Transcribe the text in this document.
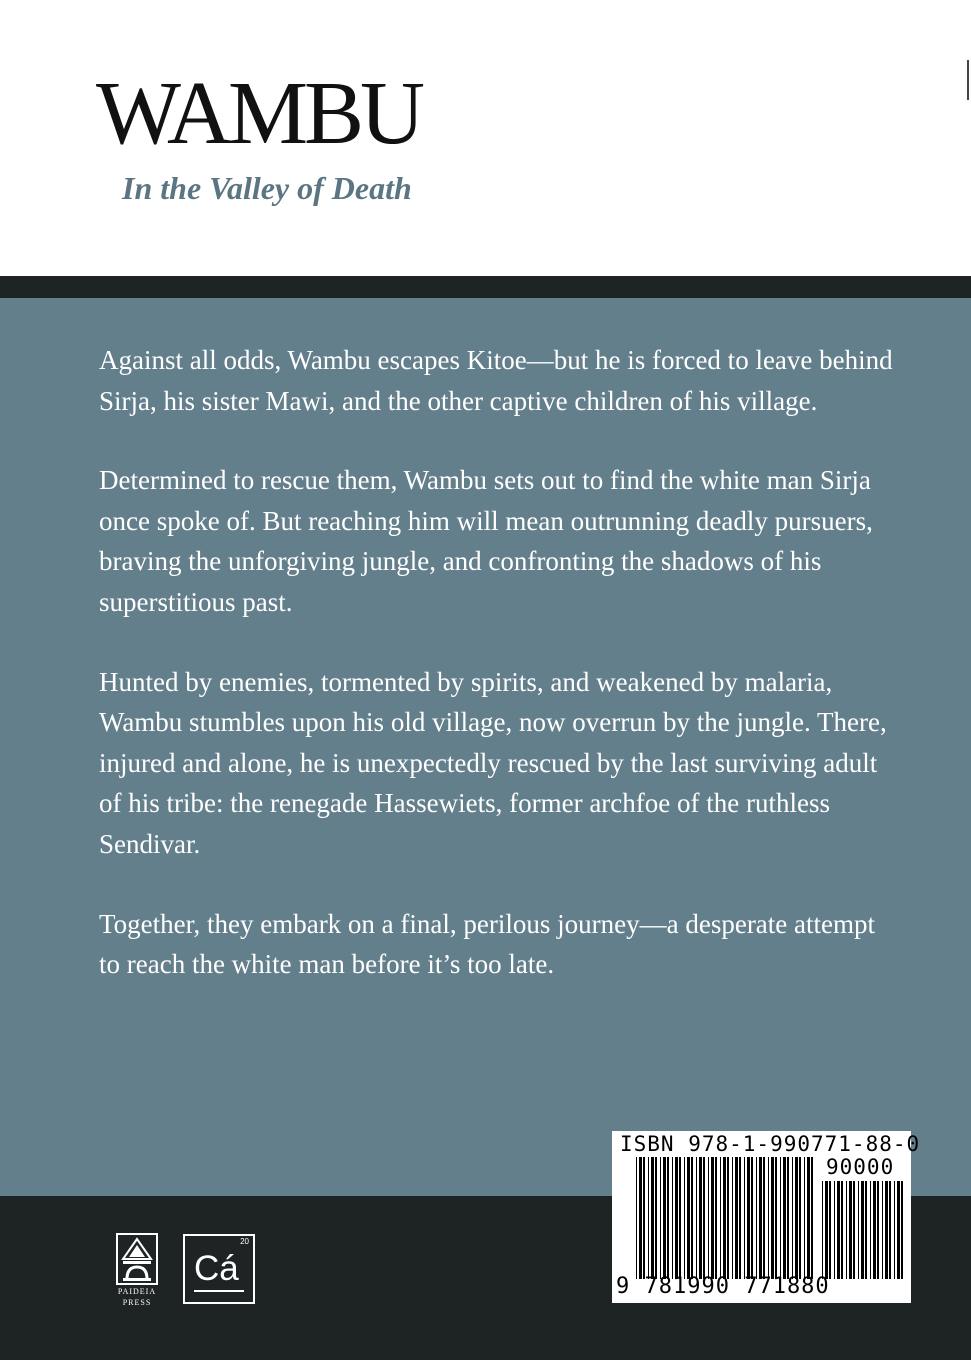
WAMBU
In the Valley of Death

Against all odds, Wambu escapes Kitoe—but he is forced to leave behind Sirja, his sister Mawi, and the other captive children of his village.

Determined to rescue them, Wambu sets out to find the white man Sirja once spoke of. But reaching him will mean outrunning deadly pursuers, braving the unforgiving jungle, and confronting the shadows of his superstitious past.

Hunted by enemies, tormented by spirits, and weakened by malaria, Wambu stumbles upon his old village, now overrun by the jungle. There, injured and alone, he is unexpectedly rescued by the last surviving adult of his tribe: the renegade Hassewiets, former archfoe of the ruthless Sendivar.

Together, they embark on a final, perilous journey—a desperate attempt to reach the white man before it’s too late.

PAIDEIA
PRESS
20
Cá

ISBN 978-1-990771-88-0

90000

9 781990 771880
